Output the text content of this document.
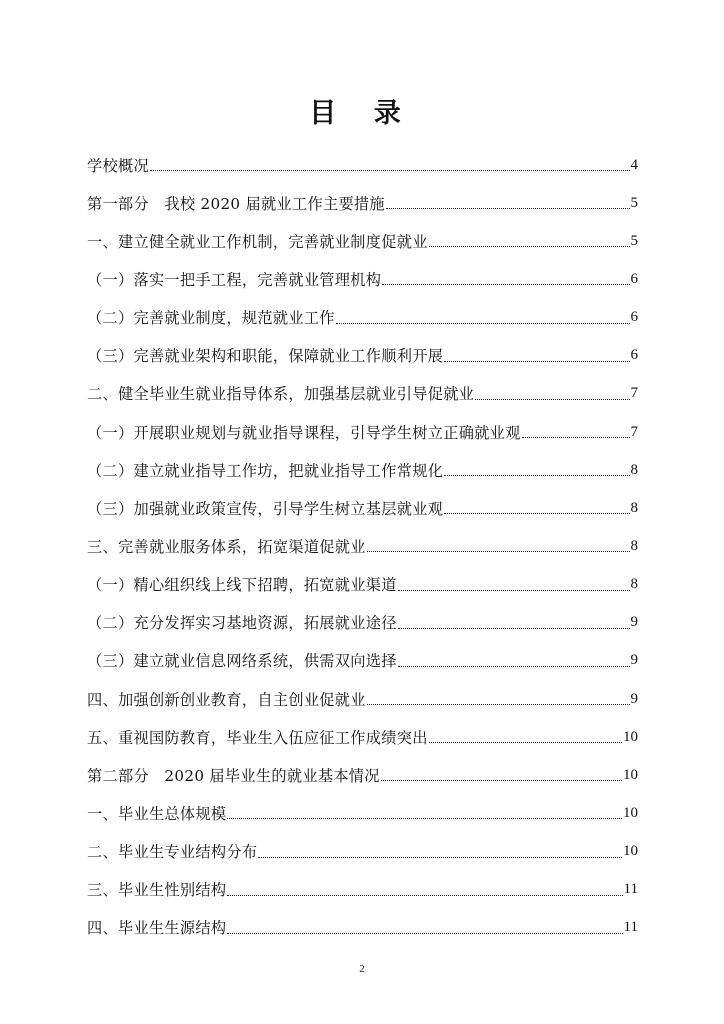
目 录
学校概况	4
第一部分　我校 2020 届就业工作主要措施	5
一、建立健全就业工作机制，完善就业制度促就业	5
（一）落实一把手工程，完善就业管理机构	6
（二）完善就业制度，规范就业工作	6
（三）完善就业架构和职能，保障就业工作顺利开展	6
二、健全毕业生就业指导体系，加强基层就业引导促就业	7
（一）开展职业规划与就业指导课程，引导学生树立正确就业观	7
（二）建立就业指导工作坊，把就业指导工作常规化	8
（三）加强就业政策宣传，引导学生树立基层就业观	8
三、完善就业服务体系，拓宽渠道促就业	8
（一）精心组织线上线下招聘，拓宽就业渠道	8
（二）充分发挥实习基地资源，拓展就业途径	9
（三）建立就业信息网络系统，供需双向选择	9
四、加强创新创业教育，自主创业促就业	9
五、重视国防教育，毕业生入伍应征工作成绩突出	10
第二部分　2020 届毕业生的就业基本情况	10
一、毕业生总体规模	10
二、毕业生专业结构分布	10
三、毕业生性别结构	11
四、毕业生生源结构	11
2
